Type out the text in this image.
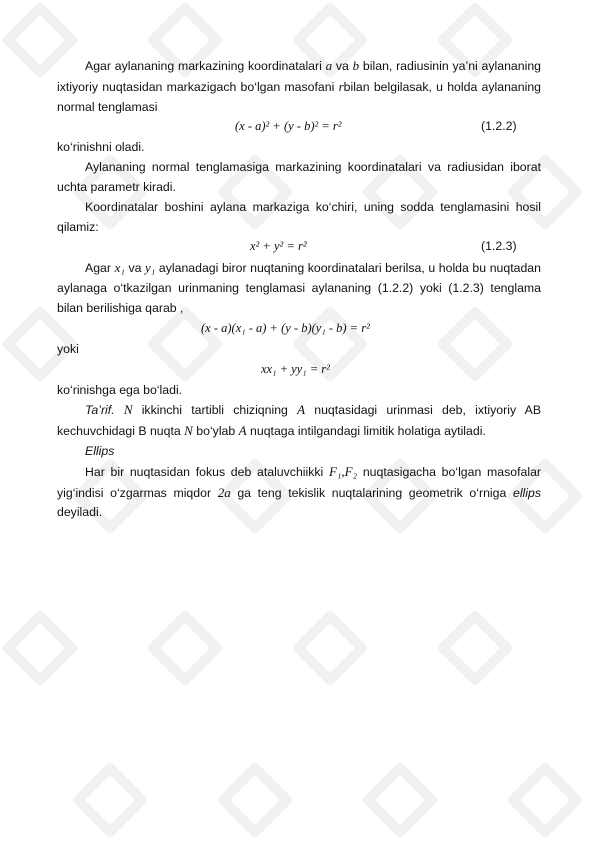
Agar aylananing markazining koordinatalari a va b bilan, radiusinin ya’ni aylananing ixtiyoriy nuqtasidan markazigach bo‘lgan masofani rbilan belgilasak, u holda aylananing normal tenglamasi

(x - a)² + (y - b)² = r²	(1.2.2)

ko‘rinishni oladi.

Aylananing normal tenglamasiga markazining koordinatalari va radiusidan iborat uchta parametr kiradi.

Koordinatalar boshini aylana markaziga ko‘chiri, uning sodda tenglamasini hosil qilamiz:

x² + y² = r²	(1.2.3)

Agar x₁ va y₁ aylanadagi biror nuqtaning koordinatalari berilsa, u holda bu nuqtadan aylanaga o‘tkazilgan urinmaning tenglamasi aylananing (1.2.2) yoki (1.2.3) tenglama bilan berilishiga qarab ,

(x - a)(x₁ - a) + (y - b)(y₁ - b) = r²

yoki

xx₁ + yy₁ = r²

ko‘rinishga ega bo‘ladi.

Ta’rif. N ikkinchi tartibli chiziqning A nuqtasidagi urinmasi deb, ixtiyoriy AB kechuvchidagi B nuqta N bo‘ylab A nuqtaga intilgandagi limitik holatiga aytiladi.

Ellips

Har bir nuqtasidan fokus deb ataluvchiikki F₁,F₂ nuqtasigacha bo‘lgan masofalar yig‘indisi o‘zgarmas miqdor 2a ga teng tekislik nuqtalarining geometrik o‘rniga ellips deyiladi.
